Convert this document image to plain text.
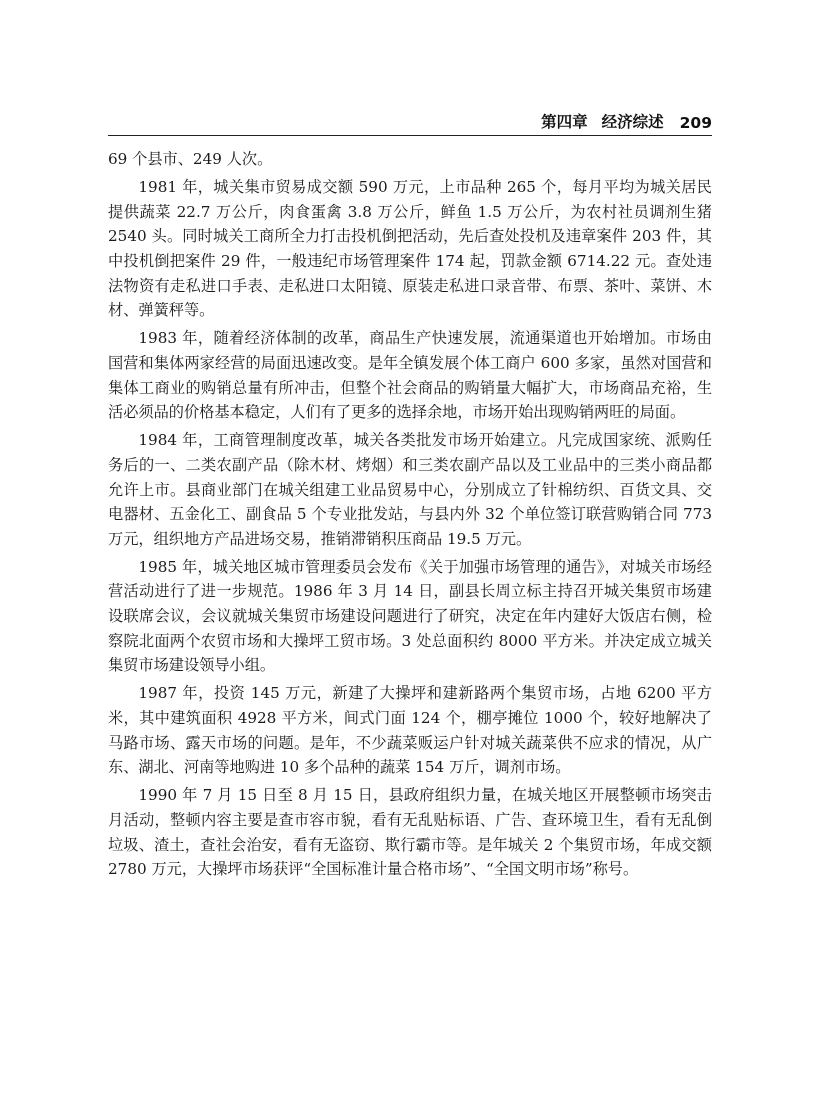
第四章 经济综述 209

69 个县市、249 人次。

1981 年，城关集市贸易成交额 590 万元，上市品种 265 个，每月平均为城关居民提供蔬菜 22.7 万公斤，肉食蛋禽 3.8 万公斤，鲜鱼 1.5 万公斤，为农村社员调剂生猪 2540 头。同时城关工商所全力打击投机倒把活动，先后查处投机及违章案件 203 件，其中投机倒把案件 29 件，一般违纪市场管理案件 174 起，罚款金额 6714.22 元。查处违法物资有走私进口手表、走私进口太阳镜、原装走私进口录音带、布票、茶叶、菜饼、木材、弹簧秤等。

1983 年，随着经济体制的改革，商品生产快速发展，流通渠道也开始增加。市场由国营和集体两家经营的局面迅速改变。是年全镇发展个体工商户 600 多家，虽然对国营和集体工商业的购销总量有所冲击，但整个社会商品的购销量大幅扩大，市场商品充裕，生活必须品的价格基本稳定，人们有了更多的选择余地，市场开始出现购销两旺的局面。

1984 年，工商管理制度改革，城关各类批发市场开始建立。凡完成国家统、派购任务后的一、二类农副产品（除木材、烤烟）和三类农副产品以及工业品中的三类小商品都允许上市。县商业部门在城关组建工业品贸易中心，分别成立了针棉纺织、百货文具、交电器材、五金化工、副食品 5 个专业批发站，与县内外 32 个单位签订联营购销合同 773 万元，组织地方产品进场交易，推销滞销积压商品 19.5 万元。

1985 年，城关地区城市管理委员会发布《关于加强市场管理的通告》，对城关市场经营活动进行了进一步规范。1986 年 3 月 14 日，副县长周立标主持召开城关集贸市场建设联席会议，会议就城关集贸市场建设问题进行了研究，决定在年内建好大饭店右侧，检察院北面两个农贸市场和大操坪工贸市场。3 处总面积约 8000 平方米。并决定成立城关集贸市场建设领导小组。

1987 年，投资 145 万元，新建了大操坪和建新路两个集贸市场，占地 6200 平方米，其中建筑面积 4928 平方米，间式门面 124 个，棚亭摊位 1000 个，较好地解决了马路市场、露天市场的问题。是年，不少蔬菜贩运户针对城关蔬菜供不应求的情况，从广东、湖北、河南等地购进 10 多个品种的蔬菜 154 万斤，调剂市场。

1990 年 7 月 15 日至 8 月 15 日，县政府组织力量，在城关地区开展整顿市场突击月活动，整顿内容主要是查市容市貌，看有无乱贴标语、广告、查环境卫生，看有无乱倒垃圾、渣土，查社会治安，看有无盗窃、欺行霸市等。是年城关 2 个集贸市场，年成交额 2780 万元，大操坪市场获评“全国标准计量合格市场”、“全国文明市场”称号。
